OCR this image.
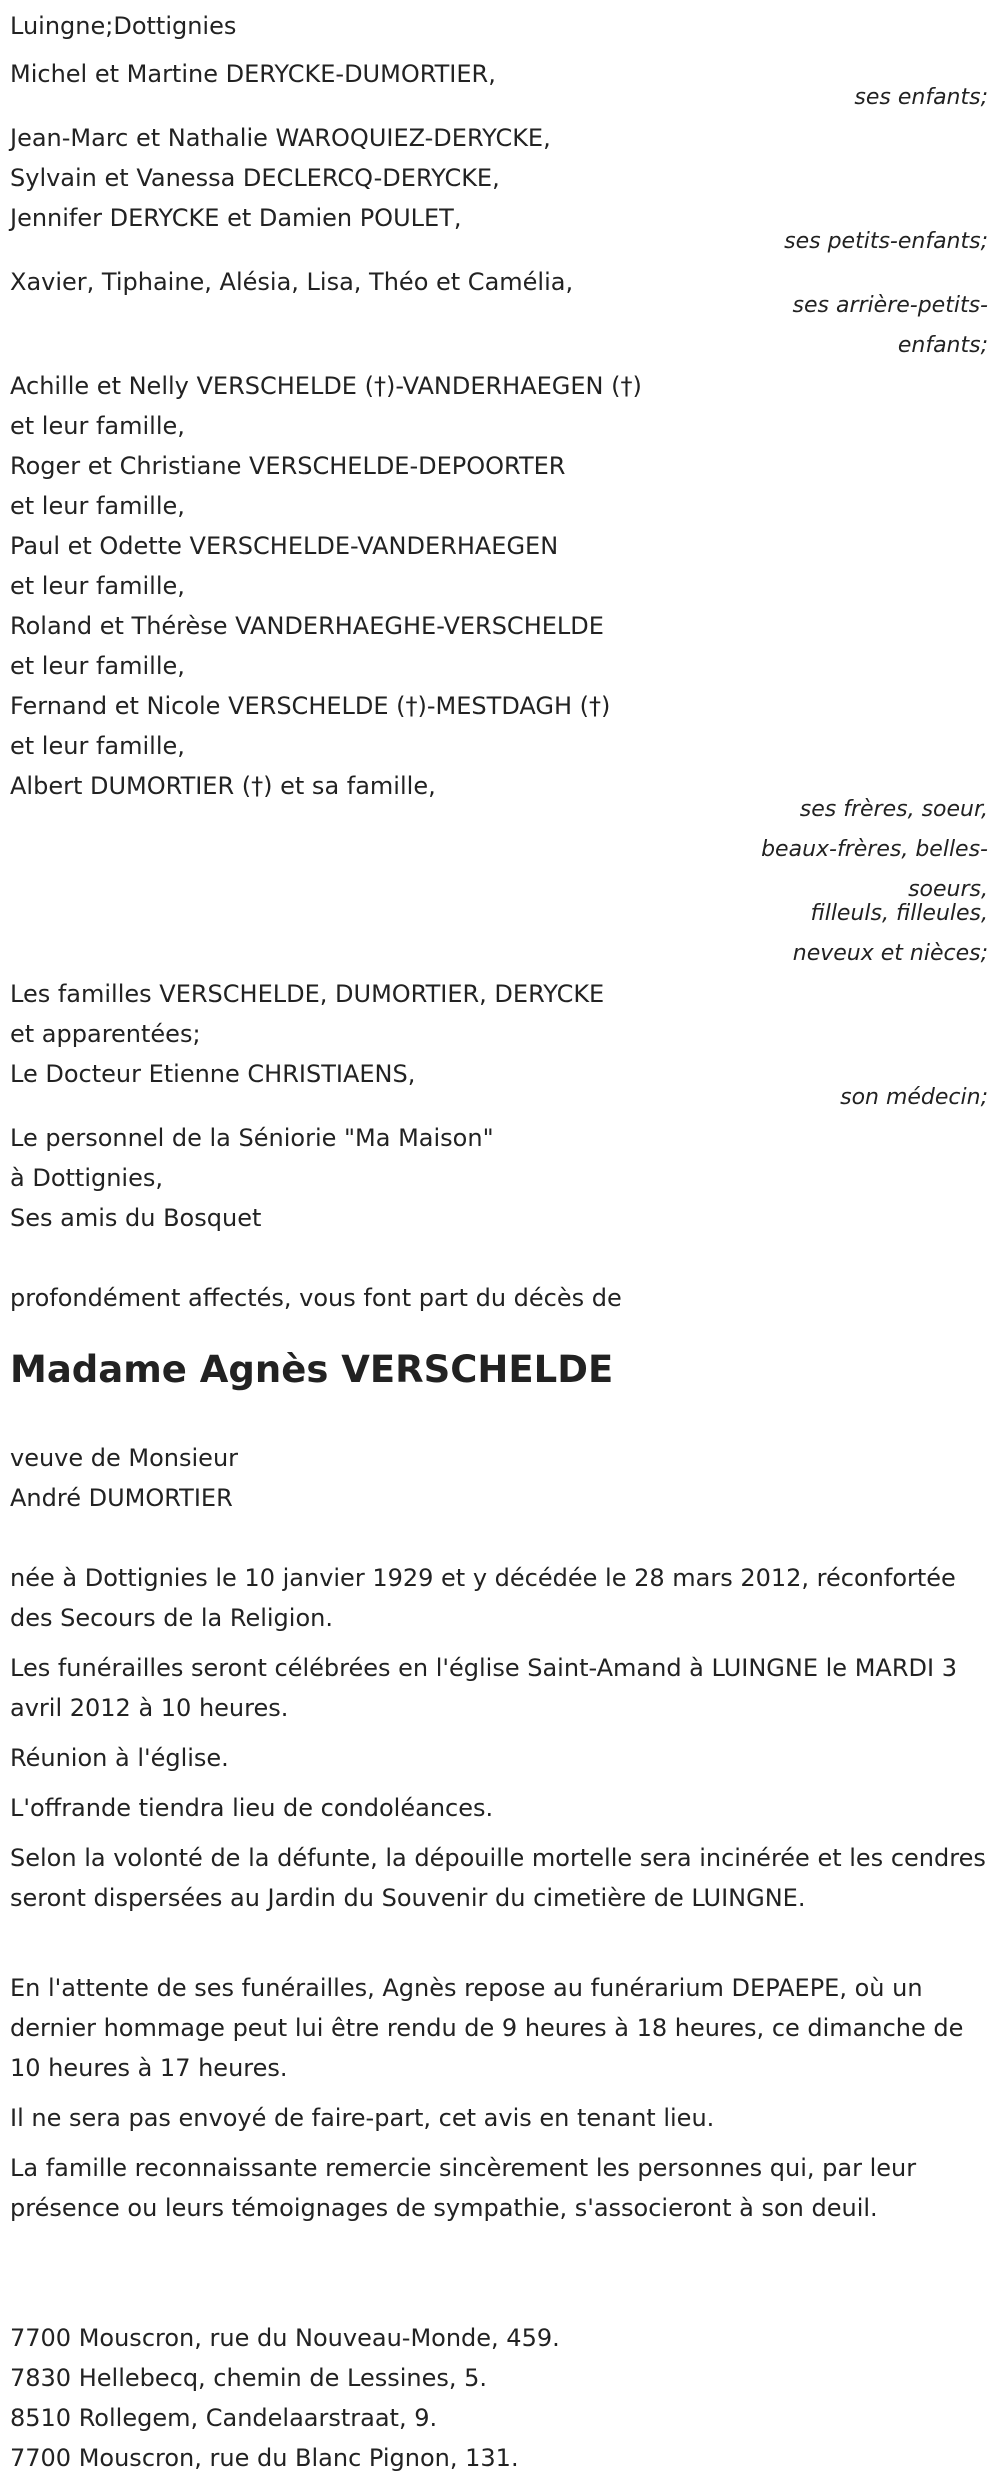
Luingne;Dottignies
Michel et Martine DERYCKE-DUMORTIER,
ses enfants;
Jean-Marc et Nathalie WAROQUIEZ-DERYCKE,
Sylvain et Vanessa DECLERCQ-DERYCKE,
Jennifer DERYCKE et Damien POULET,
ses petits-enfants;
Xavier, Tiphaine, Alésia, Lisa, Théo et Camélia,
ses arrière-petits-
enfants;
Achille et Nelly VERSCHELDE (†)-VANDERHAEGEN (†)
et leur famille,
Roger et Christiane VERSCHELDE-DEPOORTER
et leur famille,
Paul et Odette VERSCHELDE-VANDERHAEGEN
et leur famille,
Roland et Thérèse VANDERHAEGHE-VERSCHELDE
et leur famille,
Fernand et Nicole VERSCHELDE (†)-MESTDAGH (†)
et leur famille,
Albert DUMORTIER (†) et sa famille,
ses frères, soeur,
beaux-frères, belles-soeurs,
filleuls, filleules,
neveux et nièces;
Les familles VERSCHELDE, DUMORTIER, DERYCKE
et apparentées;
Le Docteur Etienne CHRISTIAENS,
son médecin;
Le personnel de la Séniorie "Ma Maison"
à Dottignies,
Ses amis du Bosquet
profondément affectés, vous font part du décès de
Madame Agnès VERSCHELDE
veuve de Monsieur
André DUMORTIER
née à Dottignies le 10 janvier 1929 et y décédée le 28 mars 2012, réconfortée des Secours de la Religion.
Les funérailles seront célébrées en l'église Saint-Amand à LUINGNE le MARDI 3 avril 2012 à 10 heures.
Réunion à l'église.
L'offrande tiendra lieu de condoléances.
Selon la volonté de la défunte, la dépouille mortelle sera incinérée et les cendres seront dispersées au Jardin du Souvenir du cimetière de LUINGNE.
En l'attente de ses funérailles, Agnès repose au funérarium DEPAEPE, où un dernier hommage peut lui être rendu de 9 heures à 18 heures, ce dimanche de 10 heures à 17 heures.
Il ne sera pas envoyé de faire-part, cet avis en tenant lieu.
La famille reconnaissante remercie sincèrement les personnes qui, par leur présence ou leurs témoignages de sympathie, s'associeront à son deuil.
7700 Mouscron, rue du Nouveau-Monde, 459.
7830 Hellebecq, chemin de Lessines, 5.
8510 Rollegem, Candelaarstraat, 9.
7700 Mouscron, rue du Blanc Pignon, 131.
